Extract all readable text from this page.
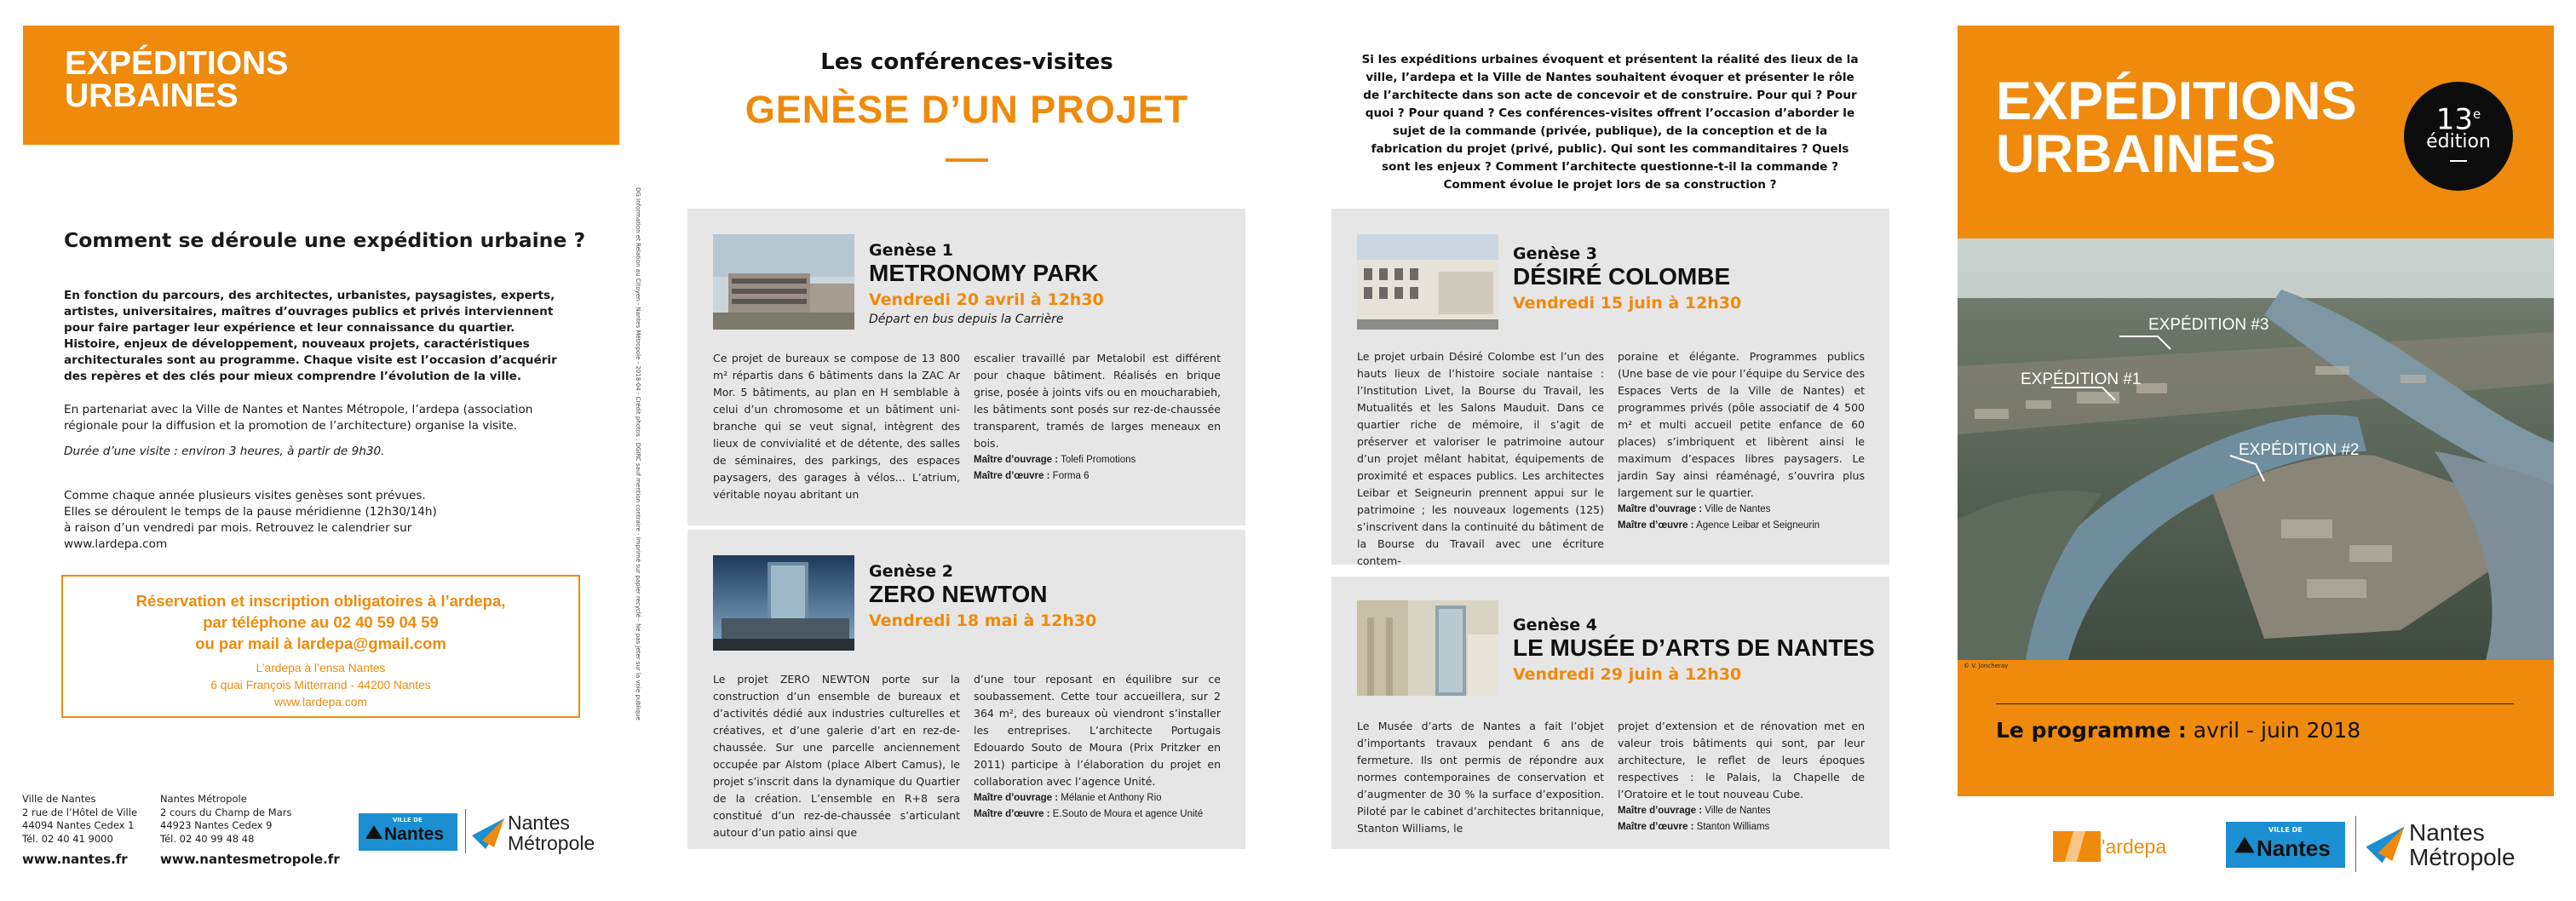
EXPÉDITIONS
URBAINES
Comment se déroule une expédition urbaine ?

En fonction du parcours, des architectes, urbanistes, paysagistes, experts, artistes, universitaires, maîtres d’ouvrages publics et privés interviennent pour faire partager leur expérience et leur connaissance du quartier. Histoire, enjeux de développement, nouveaux projets, caractéristiques architecturales sont au programme. Chaque visite est l’occasion d’acquérir des repères et des clés pour mieux comprendre l’évolution de la ville.

En partenariat avec la Ville de Nantes et Nantes Métropole, l’ardepa (association régionale pour la diffusion et la promotion de l’architecture) organise la visite.

Durée d’une visite : environ 3 heures, à partir de 9h30.

Comme chaque année plusieurs visites genèses sont prévues. Elles se déroulent le temps de la pause méridienne (12h30/14h) à raison d’un vendredi par mois. Retrouvez le calendrier sur www.lardepa.com

Réservation et inscription obligatoires à l’ardepa,
par téléphone au 02 40 59 04 59
ou par mail à lardepa@gmail.com
L’ardepa à l’ensa Nantes
6 quai François Mitterrand - 44200 Nantes
www.lardepa.com
Ville de Nantes
2 rue de l’Hôtel de Ville
44094 Nantes Cedex 1
Tél. 02 40 41 9000
Nantes Métropole
2 cours du Champ de Mars
44923 Nantes Cedex 9
Tél. 02 40 99 48 48
www.nantes.fr	www.nantesmetropole.fr
VILLE DE
Nantes
Nantes
Métropole
DG Information et Relation au Citoyen - Nantes Métropole - 2018-04 - Crédit photos : DGIRC sauf mention contraire - Imprimé sur papier recyclé - Ne pas jeter sur la voie publique
Les conférences-visites
GENÈSE D’UN PROJET
Genèse 1
METRONOMY PARK
Vendredi 20 avril à 12h30
Départ en bus depuis la Carrière

Ce projet de bureaux se compose de 13 800 m² répartis dans 6 bâtiments dans la ZAC Ar Mor. 5 bâtiments, au plan en H semblable à celui d’un chromosome et un bâtiment uni-branche qui se veut signal, intègrent des lieux de convivialité et de détente, des salles de séminaires, des parkings, des espaces paysagers, des garages à vélos... L’atrium, véritable noyau abritant un

escalier travaillé par Metalobil est différent pour chaque bâtiment. Réalisés en brique grise, posée à joints vifs ou en moucharabieh, les bâtiments sont posés sur rez-de-chaussée transparent, tramés de larges meneaux en bois.

Maître d’ouvrage : Tolefi Promotions
Maître d’œuvre : Forma 6
Genèse 2
ZERO NEWTON
Vendredi 18 mai à 12h30

Le projet ZERO NEWTON porte sur la construction d’un ensemble de bureaux et d’activités dédié aux industries culturelles et créatives, et d’une galerie d’art en rez-de-chaussée. Sur une parcelle anciennement occupée par Alstom (place Albert Camus), le projet s’inscrit dans la dynamique du Quartier de la création. L’ensemble en R+8 sera constitué d’un rez-de-chaussée s’articulant autour d’un patio ainsi que

d’une tour reposant en équilibre sur ce soubassement. Cette tour accueillera, sur 2 364 m², des bureaux où viendront s’installer les entreprises. L’architecte Portugais Edouardo Souto de Moura (Prix Pritzker en 2011) participe à l’élaboration du projet en collaboration avec l’agence Unité.

Maître d’ouvrage : Mélanie et Anthony Rio
Maître d’œuvre : E.Souto de Moura et agence Unité

Si les expéditions urbaines évoquent et présentent la réalité des lieux de la ville, l’ardepa et la Ville de Nantes souhaitent évoquer et présenter le rôle de l’architecte dans son acte de concevoir et de construire. Pour qui ? Pour quoi ? Pour quand ? Ces conférences-visites offrent l’occasion d’aborder le sujet de la commande (privée, publique), de la conception et de la fabrication du projet (privé, public). Qui sont les commanditaires ? Quels sont les enjeux ? Comment l’architecte questionne-t-il la commande ? Comment évolue le projet lors de sa construction ?

Genèse 3
DÉSIRÉ COLOMBE
Vendredi 15 juin à 12h30

Le projet urbain Désiré Colombe est l’un des hauts lieux de l’histoire sociale nantaise : l’Institution Livet, la Bourse du Travail, les Mutualités et les Salons Mauduit. Dans ce quartier riche de mémoire, il s’agit de préserver et valoriser le patrimoine autour d’un projet mêlant habitat, équipements de proximité et espaces publics. Les architectes Leibar et Seigneurin prennent appui sur le patrimoine ; les nouveaux logements (125) s’inscrivent dans la continuité du bâtiment de la Bourse du Travail avec une écriture contem-

poraine et élégante. Programmes publics (Une base de vie pour l’équipe du Service des Espaces Verts de la Ville de Nantes) et programmes privés (pôle associatif de 4 500 m² et multi accueil petite enfance de 60 places) s’imbriquent et libèrent ainsi le maximum d’espaces libres paysagers. Le jardin Say ainsi réaménagé, s’ouvrira plus largement sur le quartier.

Maître d’ouvrage : Ville de Nantes
Maître d’œuvre : Agence Leibar et Seigneurin
Genèse 4
LE MUSÉE D’ARTS DE NANTES
Vendredi 29 juin à 12h30

Le Musée d’arts de Nantes a fait l’objet d’importants travaux pendant 6 ans de fermeture. Ils ont permis de répondre aux normes contemporaines de conservation et d’augmenter de 30 % la surface d’exposition. Piloté par le cabinet d’architectes britannique, Stanton Williams, le

projet d’extension et de rénovation met en valeur trois bâtiments qui sont, par leur architecture, le reflet de leurs époques respectives : le Palais, la Chapelle de l’Oratoire et le tout nouveau Cube.

Maître d’ouvrage : Ville de Nantes
Maître d’œuvre : Stanton Williams
EXPÉDITIONS
URBAINES
13e
édition
EXPÉDITION #3
EXPÉDITION #1
EXPÉDITION #2
© V. Joncheray
Le programme : avril - juin 2018
l'ardepa
VILLE DE
Nantes
Nantes
Métropole
